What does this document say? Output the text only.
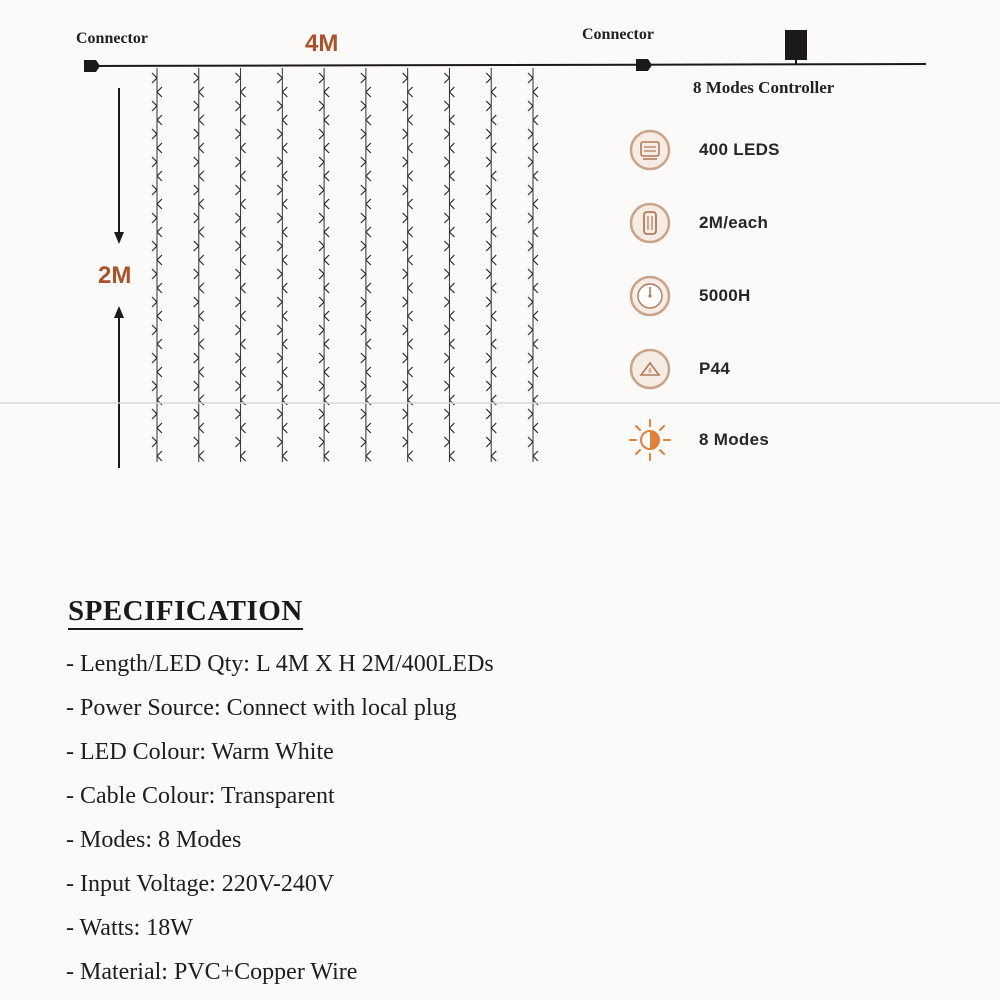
4M
2M
Connector	Connector
8 Modes Controller
400 LEDS
2M/each
5000H
P44
8 Modes
SPECIFICATION
- Length/LED Qty: L 4M X H 2M/400LEDs
- Power Source: Connect with local plug
- LED Colour: Warm White
- Cable Colour: Transparent
- Modes: 8 Modes
- Input Voltage: 220V-240V
- Watts: 18W
- Material: PVC+Copper Wire
